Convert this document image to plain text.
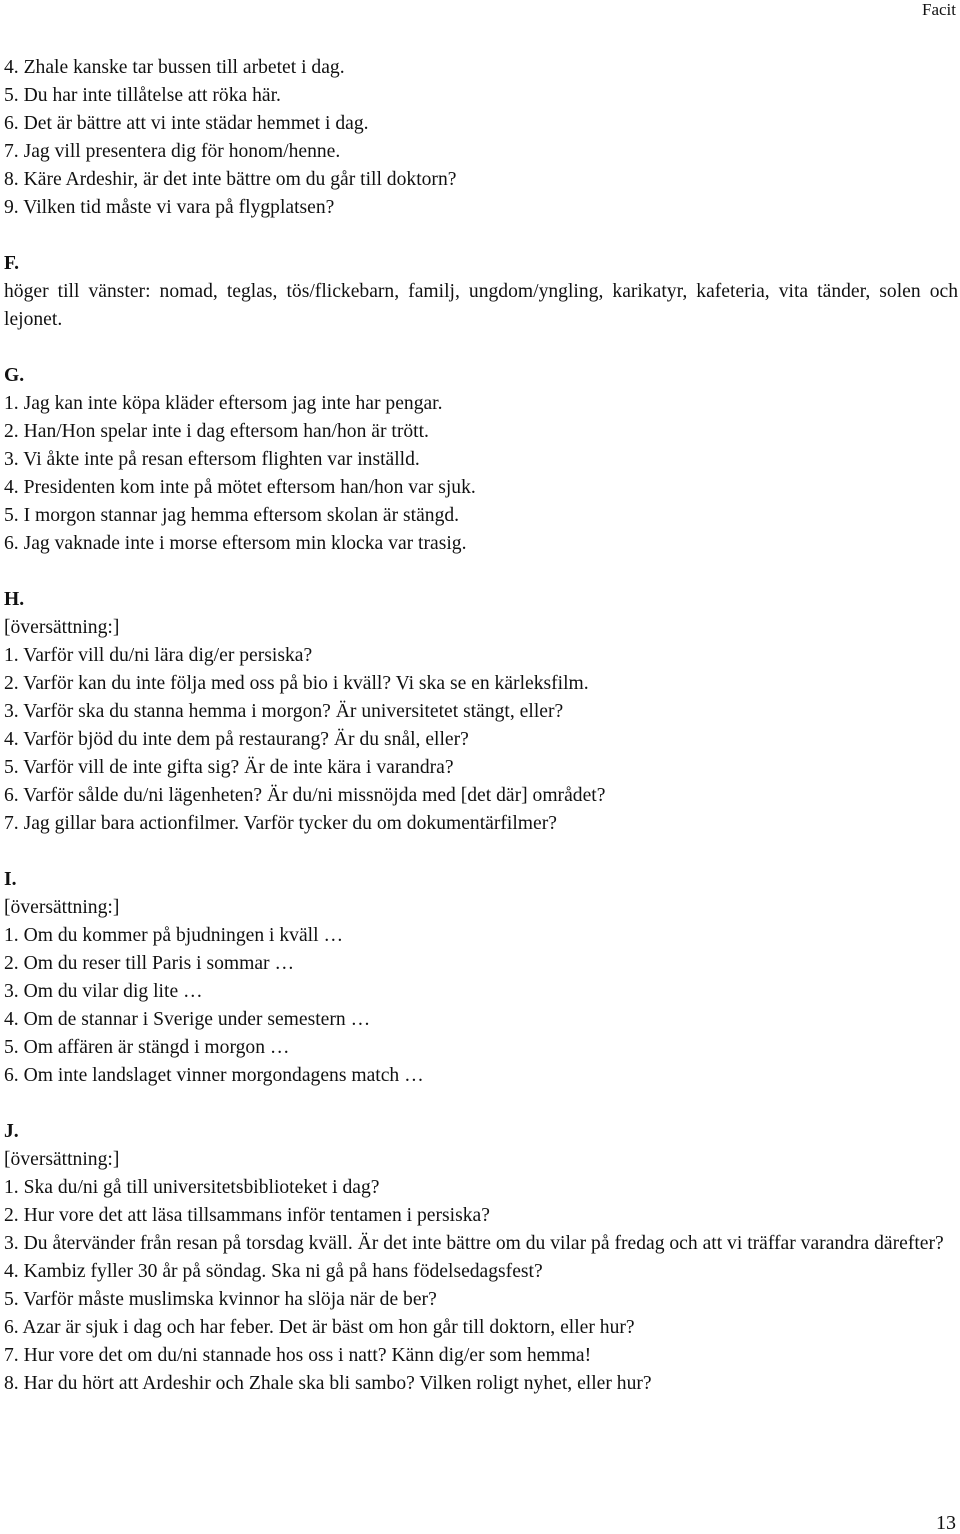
Facit
4. Zhale kanske tar bussen till arbetet i dag.
5. Du har inte tillåtelse att röka här.
6. Det är bättre att vi inte städar hemmet i dag.
7. Jag vill presentera dig för honom/henne.
8. Käre Ardeshir, är det inte bättre om du går till doktorn?
9. Vilken tid måste vi vara på flygplatsen?
F.
höger till vänster: nomad, teglas, tös/flickebarn, familj, ungdom/yngling, karikatyr, kafeteria, vita tänder, solen och lejonet.
G.
1. Jag kan inte köpa kläder eftersom jag inte har pengar.
2. Han/Hon spelar inte i dag eftersom han/hon är trött.
3. Vi åkte inte på resan eftersom flighten var inställd.
4. Presidenten kom inte på mötet eftersom han/hon var sjuk.
5. I morgon stannar jag hemma eftersom skolan är stängd.
6. Jag vaknade inte i morse eftersom min klocka var trasig.
H.
[översättning:]
1. Varför vill du/ni lära dig/er persiska?
2. Varför kan du inte följa med oss på bio i kväll? Vi ska se en kärleksfilm.
3. Varför ska du stanna hemma i morgon? Är universitetet stängt, eller?
4. Varför bjöd du inte dem på restaurang? Är du snål, eller?
5. Varför vill de inte gifta sig? Är de inte kära i varandra?
6. Varför sålde du/ni lägenheten? Är du/ni missnöjda med [det där] området?
7. Jag gillar bara actionfilmer. Varför tycker du om dokumentärfilmer?
I.
[översättning:]
1. Om du kommer på bjudningen i kväll …
2. Om du reser till Paris i sommar …
3. Om du vilar dig lite …
4. Om de stannar i Sverige under semestern …
5. Om affären är stängd i morgon …
6. Om inte landslaget vinner morgondagens match …
J.
[översättning:]
1. Ska du/ni gå till universitetsbiblioteket i dag?
2. Hur vore det att läsa tillsammans inför tentamen i persiska?
3. Du återvänder från resan på torsdag kväll. Är det inte bättre om du vilar på fredag och att vi träffar varandra därefter?
4. Kambiz fyller 30 år på söndag. Ska ni gå på hans födelsedagsfest?
5. Varför måste muslimska kvinnor ha slöja när de ber?
6. Azar är sjuk i dag och har feber. Det är bäst om hon går till doktorn, eller hur?
7. Hur vore det om du/ni stannade hos oss i natt? Känn dig/er som hemma!
8. Har du hört att Ardeshir och Zhale ska bli sambo? Vilken roligt nyhet, eller hur?
13
